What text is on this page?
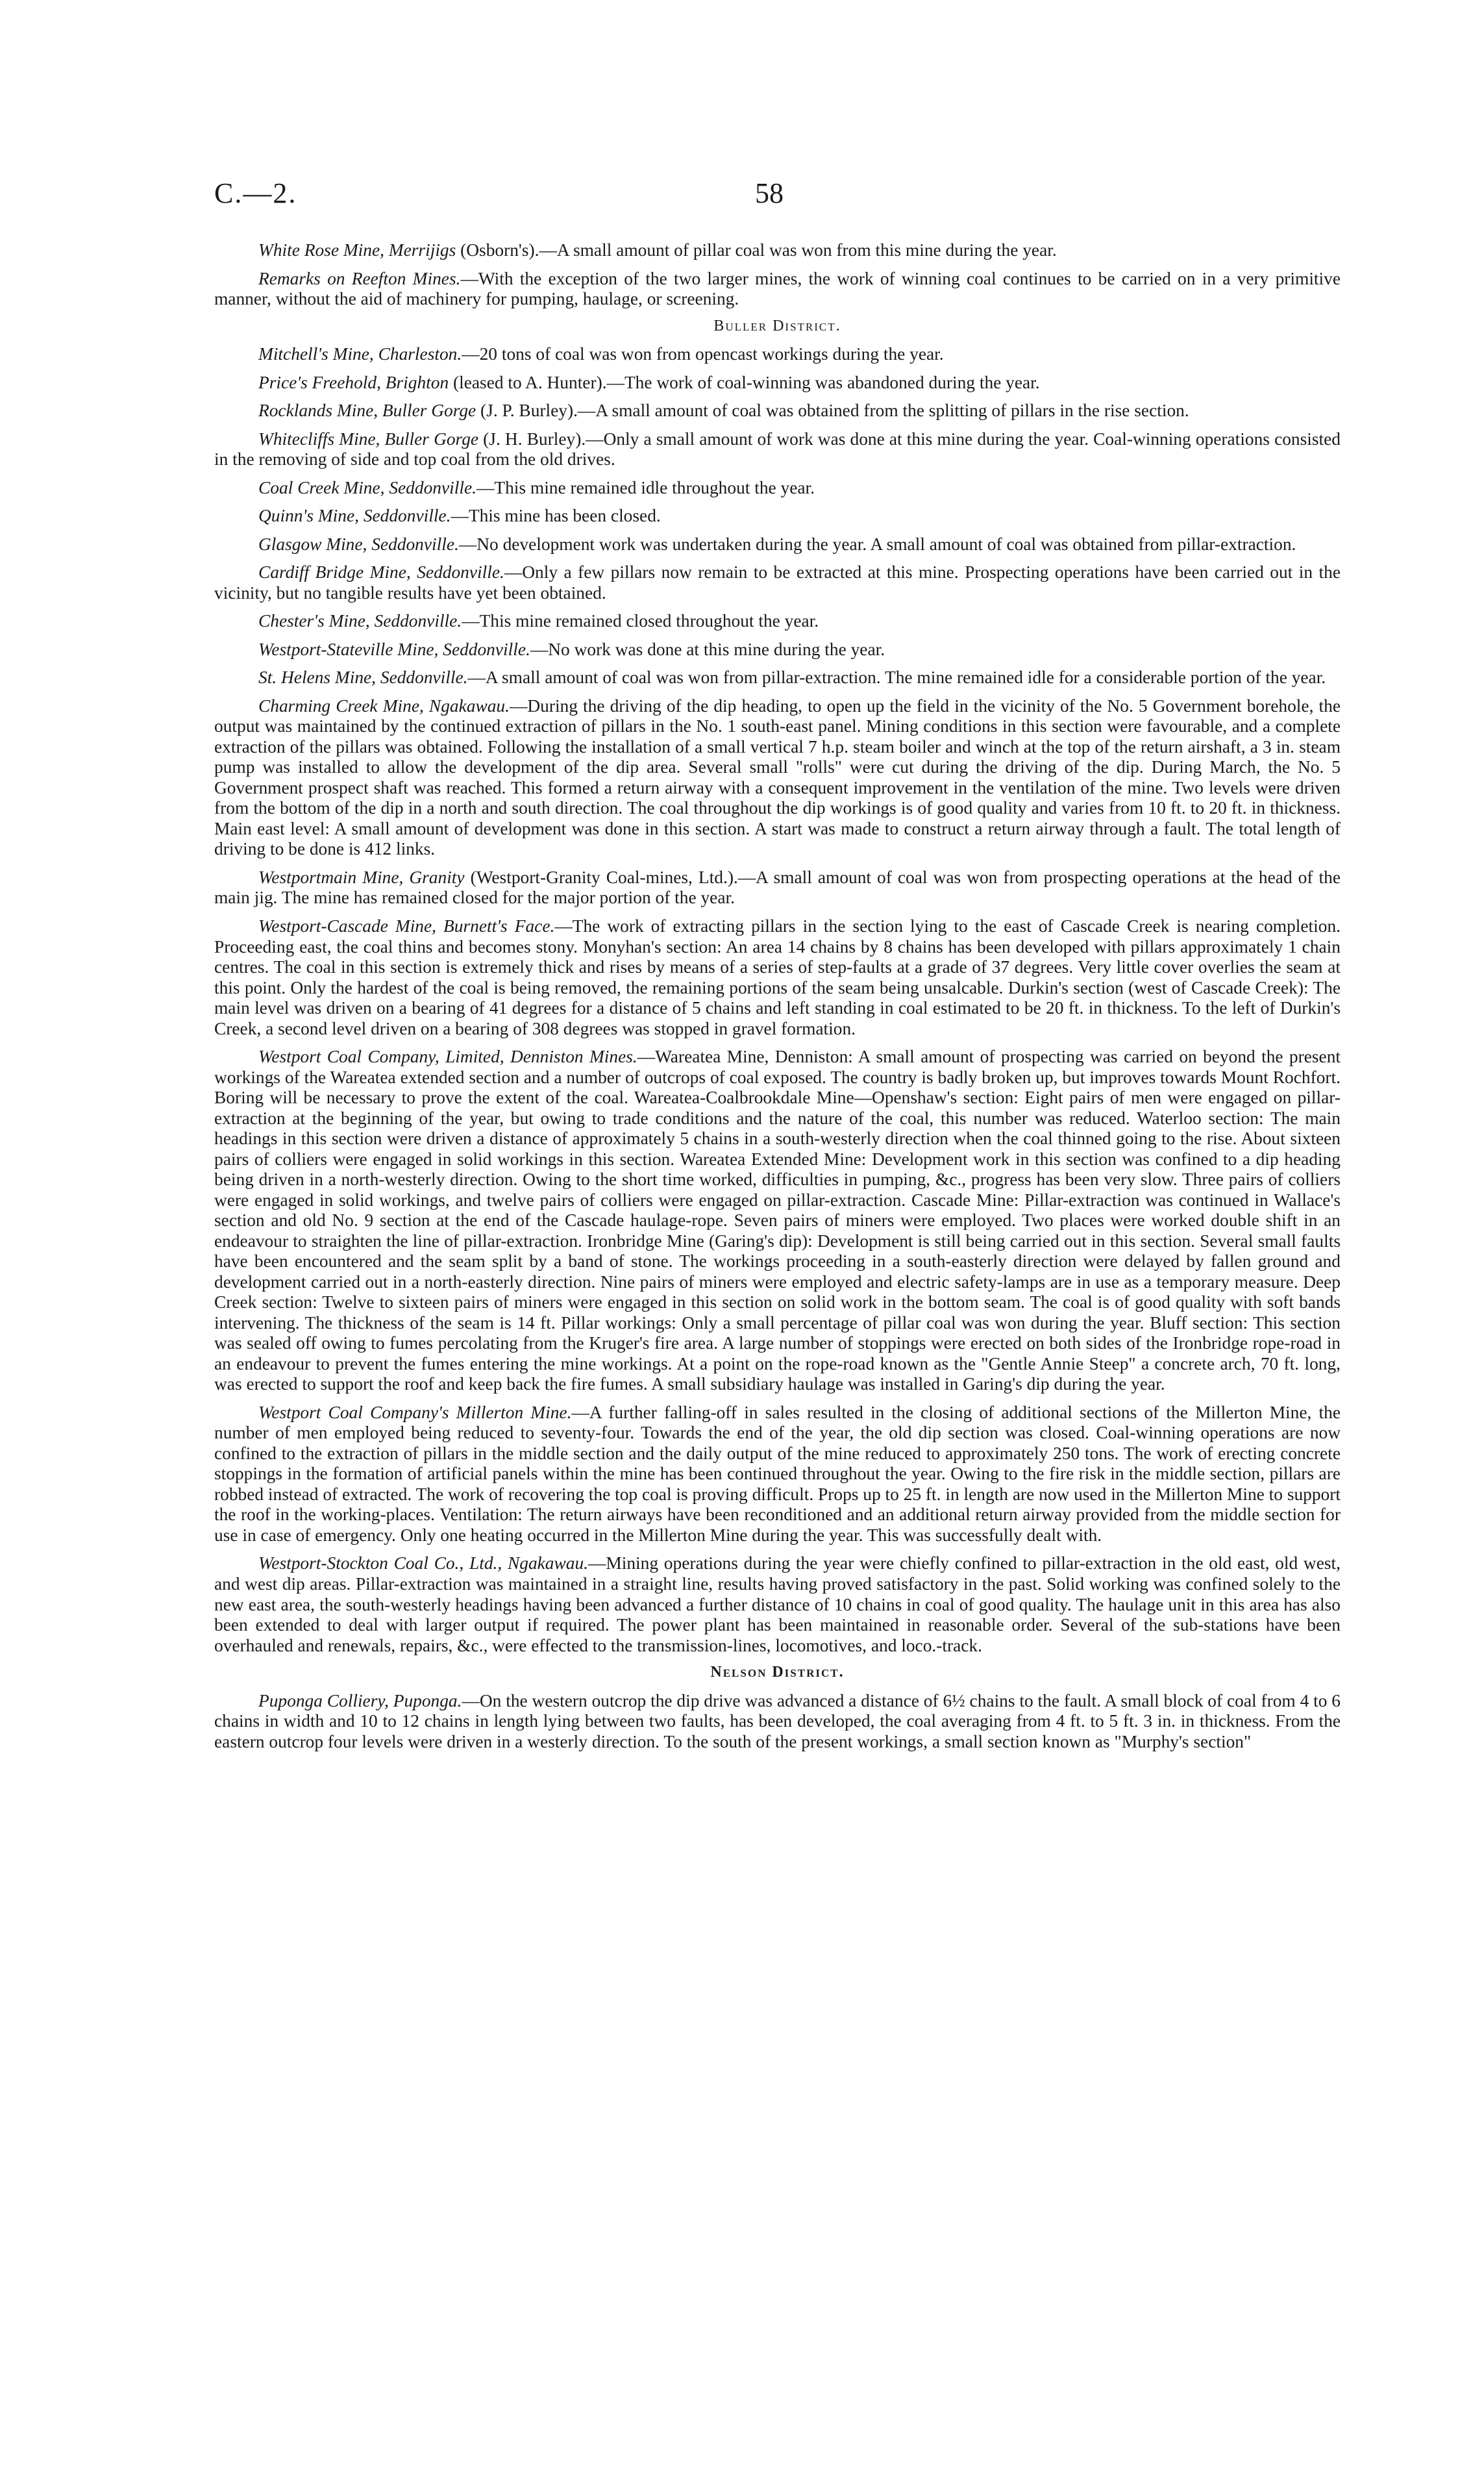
C.—2.	58

White Rose Mine, Merrijigs (Osborn's).—A small amount of pillar coal was won from this mine during the year.

Remarks on Reefton Mines.—With the exception of the two larger mines, the work of winning coal continues to be carried on in a very primitive manner, without the aid of machinery for pumping, haulage, or screening.

Buller District.

Mitchell's Mine, Charleston.—20 tons of coal was won from opencast workings during the year.

Price's Freehold, Brighton (leased to A. Hunter).—The work of coal-winning was abandoned during the year.

Rocklands Mine, Buller Gorge (J. P. Burley).—A small amount of coal was obtained from the splitting of pillars in the rise section.

Whitecliffs Mine, Buller Gorge (J. H. Burley).—Only a small amount of work was done at this mine during the year. Coal-winning operations consisted in the removing of side and top coal from the old drives.

Coal Creek Mine, Seddonville.—This mine remained idle throughout the year.

Quinn's Mine, Seddonville.—This mine has been closed.

Glasgow Mine, Seddonville.—No development work was undertaken during the year. A small amount of coal was obtained from pillar-extraction.

Cardiff Bridge Mine, Seddonville.—Only a few pillars now remain to be extracted at this mine. Prospecting operations have been carried out in the vicinity, but no tangible results have yet been obtained.

Chester's Mine, Seddonville.—This mine remained closed throughout the year.

Westport-Stateville Mine, Seddonville.—No work was done at this mine during the year.

St. Helens Mine, Seddonville.—A small amount of coal was won from pillar-extraction. The mine remained idle for a considerable portion of the year.

Charming Creek Mine, Ngakawau.—During the driving of the dip heading, to open up the field in the vicinity of the No. 5 Government borehole, the output was maintained by the continued extraction of pillars in the No. 1 south-east panel. Mining conditions in this section were favourable, and a complete extraction of the pillars was obtained. Following the installation of a small vertical 7 h.p. steam boiler and winch at the top of the return airshaft, a 3 in. steam pump was installed to allow the development of the dip area. Several small "rolls" were cut during the driving of the dip. During March, the No. 5 Government prospect shaft was reached. This formed a return airway with a consequent improvement in the ventilation of the mine. Two levels were driven from the bottom of the dip in a north and south direction. The coal throughout the dip workings is of good quality and varies from 10 ft. to 20 ft. in thickness. Main east level: A small amount of development was done in this section. A start was made to construct a return airway through a fault. The total length of driving to be done is 412 links.

Westportmain Mine, Granity (Westport-Granity Coal-mines, Ltd.).—A small amount of coal was won from prospecting operations at the head of the main jig. The mine has remained closed for the major portion of the year.

Westport-Cascade Mine, Burnett's Face.—The work of extracting pillars in the section lying to the east of Cascade Creek is nearing completion. Proceeding east, the coal thins and becomes stony. Monyhan's section: An area 14 chains by 8 chains has been developed with pillars approximately 1 chain centres. The coal in this section is extremely thick and rises by means of a series of step-faults at a grade of 37 degrees. Very little cover overlies the seam at this point. Only the hardest of the coal is being removed, the remaining portions of the seam being unsalcable. Durkin's section (west of Cascade Creek): The main level was driven on a bearing of 41 degrees for a distance of 5 chains and left standing in coal estimated to be 20 ft. in thickness. To the left of Durkin's Creek, a second level driven on a bearing of 308 degrees was stopped in gravel formation.

Westport Coal Company, Limited, Denniston Mines.—Wareatea Mine, Denniston: A small amount of prospecting was carried on beyond the present workings of the Wareatea extended section and a number of outcrops of coal exposed. The country is badly broken up, but improves towards Mount Rochfort. Boring will be necessary to prove the extent of the coal. Wareatea-Coalbrookdale Mine—Openshaw's section: Eight pairs of men were engaged on pillar-extraction at the beginning of the year, but owing to trade conditions and the nature of the coal, this number was reduced. Waterloo section: The main headings in this section were driven a distance of approximately 5 chains in a south-westerly direction when the coal thinned going to the rise. About sixteen pairs of colliers were engaged in solid workings in this section. Wareatea Extended Mine: Development work in this section was confined to a dip heading being driven in a north-westerly direction. Owing to the short time worked, difficulties in pumping, &c., progress has been very slow. Three pairs of colliers were engaged in solid workings, and twelve pairs of colliers were engaged on pillar-extraction. Cascade Mine: Pillar-extraction was continued in Wallace's section and old No. 9 section at the end of the Cascade haulage-rope. Seven pairs of miners were employed. Two places were worked double shift in an endeavour to straighten the line of pillar-extraction. Ironbridge Mine (Garing's dip): Development is still being carried out in this section. Several small faults have been encountered and the seam split by a band of stone. The workings proceeding in a south-easterly direction were delayed by fallen ground and development carried out in a north-easterly direction. Nine pairs of miners were employed and electric safety-lamps are in use as a temporary measure. Deep Creek section: Twelve to sixteen pairs of miners were engaged in this section on solid work in the bottom seam. The coal is of good quality with soft bands intervening. The thickness of the seam is 14 ft. Pillar workings: Only a small percentage of pillar coal was won during the year. Bluff section: This section was sealed off owing to fumes percolating from the Kruger's fire area. A large number of stoppings were erected on both sides of the Ironbridge rope-road in an endeavour to prevent the fumes entering the mine workings. At a point on the rope-road known as the "Gentle Annie Steep" a concrete arch, 70 ft. long, was erected to support the roof and keep back the fire fumes. A small subsidiary haulage was installed in Garing's dip during the year.

Westport Coal Company's Millerton Mine.—A further falling-off in sales resulted in the closing of additional sections of the Millerton Mine, the number of men employed being reduced to seventy-four. Towards the end of the year, the old dip section was closed. Coal-winning operations are now confined to the extraction of pillars in the middle section and the daily output of the mine reduced to approximately 250 tons. The work of erecting concrete stoppings in the formation of artificial panels within the mine has been continued throughout the year. Owing to the fire risk in the middle section, pillars are robbed instead of extracted. The work of recovering the top coal is proving difficult. Props up to 25 ft. in length are now used in the Millerton Mine to support the roof in the working-places. Ventilation: The return airways have been reconditioned and an additional return airway provided from the middle section for use in case of emergency. Only one heating occurred in the Millerton Mine during the year. This was successfully dealt with.

Westport-Stockton Coal Co., Ltd., Ngakawau.—Mining operations during the year were chiefly confined to pillar-extraction in the old east, old west, and west dip areas. Pillar-extraction was maintained in a straight line, results having proved satisfactory in the past. Solid working was confined solely to the new east area, the south-westerly headings having been advanced a further distance of 10 chains in coal of good quality. The haulage unit in this area has also been extended to deal with larger output if required. The power plant has been maintained in reasonable order. Several of the sub-stations have been overhauled and renewals, repairs, &c., were effected to the transmission-lines, locomotives, and loco.-track.

Nelson District.

Puponga Colliery, Puponga.—On the western outcrop the dip drive was advanced a distance of 6½ chains to the fault. A small block of coal from 4 to 6 chains in width and 10 to 12 chains in length lying between two faults, has been developed, the coal averaging from 4 ft. to 5 ft. 3 in. in thickness. From the eastern outcrop four levels were driven in a westerly direction. To the south of the present workings, a small section known as "Murphy's section"
